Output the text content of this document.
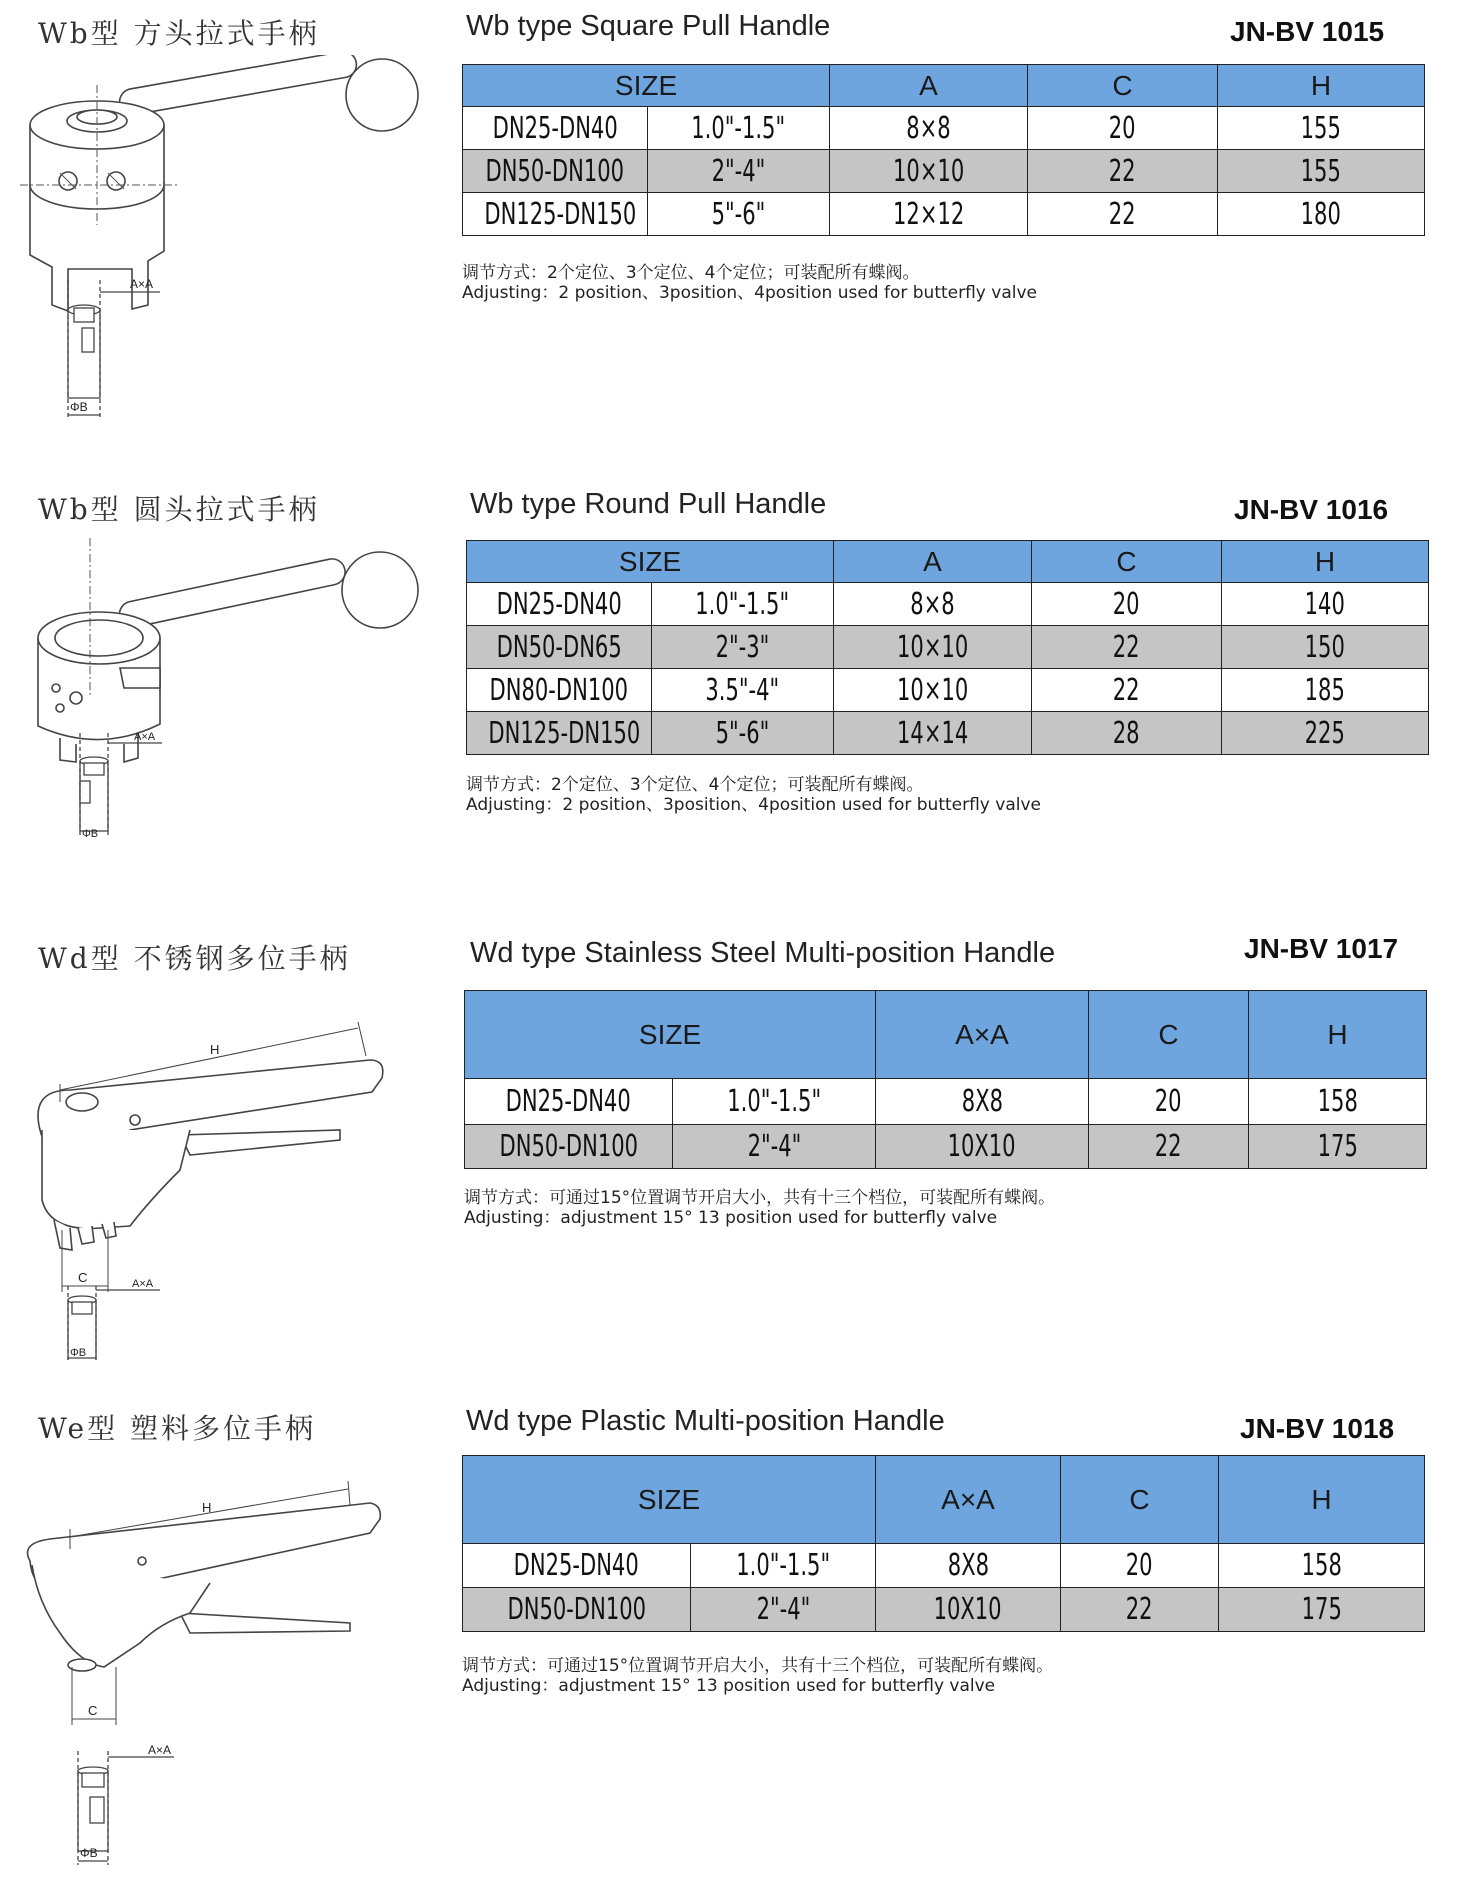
Wb型 方头拉式手柄	Wb type Square Pull Handle	JN-BV 1015
A×A
ΦB
SIZE		A	C	H
DN25-DN40	1.0"-1.5"	8×8	20	155
DN50-DN100	2"-4"	10×10	22	155
DN125-DN150	5"-6"	12×12	22	180
调节方式：2个定位、3个定位、4个定位；可装配所有蝶阀。
Adjusting：2 position、3position、4position used for butterfly valve
Wb型 圆头拉式手柄	Wb type Round Pull Handle	JN-BV 1016
A×A
ΦB
SIZE		A	C	H
DN25-DN40	1.0"-1.5"	8×8	20	140
DN50-DN65	2"-3"	10×10	22	150
DN80-DN100	3.5"-4"	10×10	22	185
DN125-DN150	5"-6"	14×14	28	225
调节方式：2个定位、3个定位、4个定位；可装配所有蝶阀。
Adjusting：2 position、3position、4position used for butterfly valve
Wd型 不锈钢多位手柄	Wd type Stainless Steel Multi-position Handle	JN-BV 1017
H
C	A×A
ΦB
SIZE		A×A	C	H
DN25-DN40	1.0"-1.5"	8X8	20	158
DN50-DN100	2"-4"	10X10	22	175
调节方式：可通过15°位置调节开启大小，共有十三个档位，可装配所有蝶阀。
Adjusting：adjustment 15° 13 position used for butterfly valve
We型 塑料多位手柄	Wd type Plastic Multi-position Handle	JN-BV 1018
H
C
A×A
ΦB
SIZE		A×A	C	H
DN25-DN40	1.0"-1.5"	8X8	20	158
DN50-DN100	2"-4"	10X10	22	175
调节方式：可通过15°位置调节开启大小，共有十三个档位，可装配所有蝶阀。
Adjusting：adjustment 15° 13 position used for butterfly valve
